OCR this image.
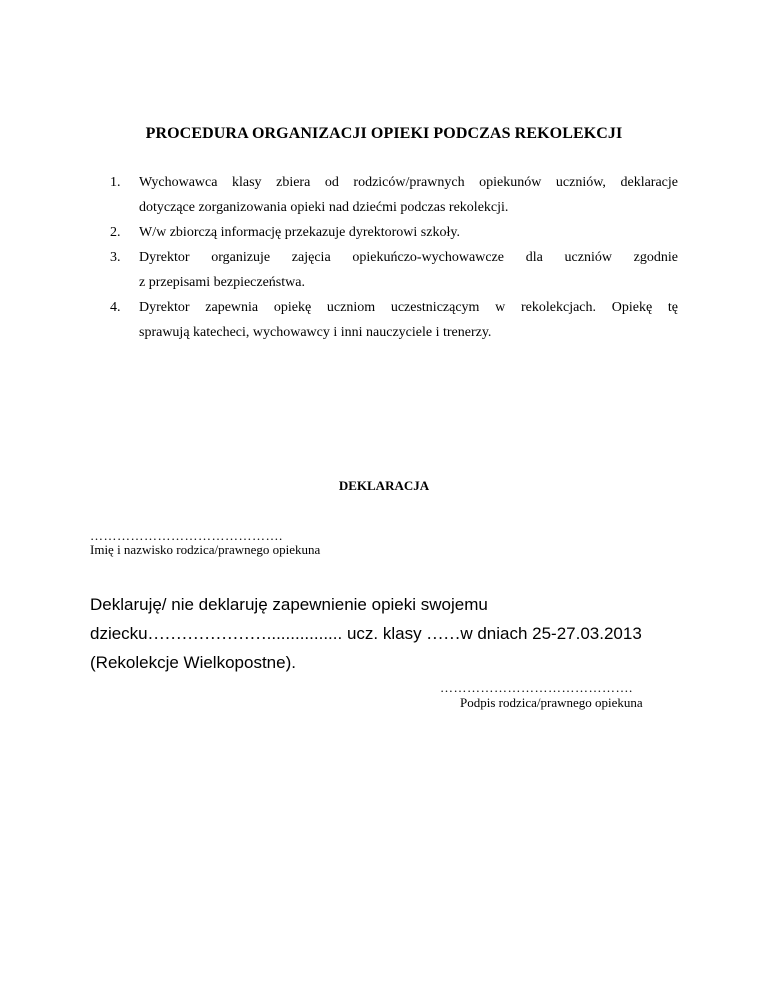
PROCEDURA ORGANIZACJI OPIEKI PODCZAS REKOLEKCJI
1.	Wychowawca klasy zbiera od rodziców/prawnych opiekunów uczniów, deklaracje
dotyczące zorganizowania opieki nad dziećmi podczas rekolekcji.
2.	W/w zbiorczą informację przekazuje dyrektorowi szkoły.
3.	Dyrektor organizuje zajęcia opiekuńczo-wychowawcze dla uczniów zgodnie
z przepisami bezpieczeństwa.
4.	Dyrektor zapewnia opiekę uczniom uczestniczącym w rekolekcjach. Opiekę tę
sprawują katecheci, wychowawcy i inni nauczyciele i trenerzy.
DEKLARACJA
…………………………………….
Imię i nazwisko rodzica/prawnego opiekuna
Deklaruję/ nie deklaruję zapewnienie opieki swojemu
dziecku…………………................ ucz. klasy ……w dniach 25-27.03.2013
(Rekolekcje Wielkopostne).
…………………………………….
Podpis rodzica/prawnego opiekuna
